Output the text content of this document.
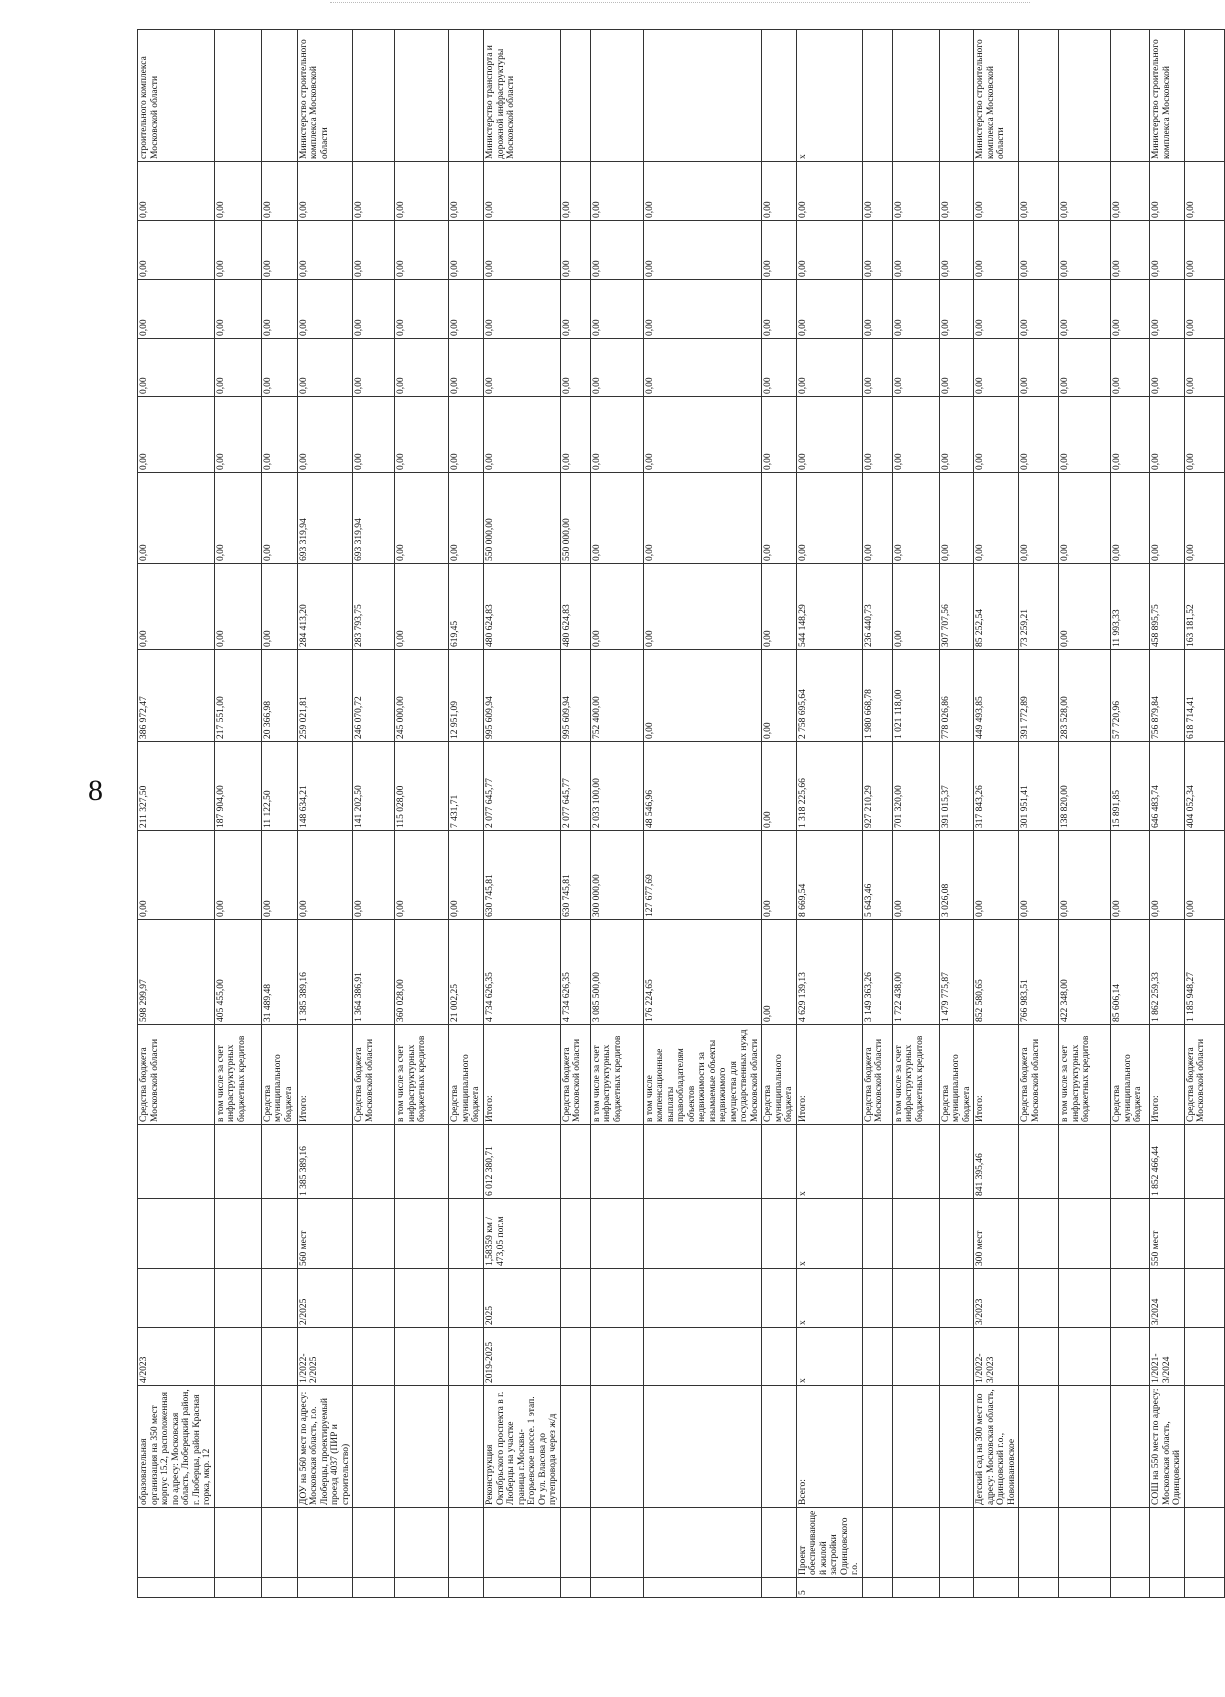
8
		образовательная организация на 350 мест корпус 15.2, расположенная по адресу: Московская область, Люберецкий район, г. Люберцы, район Красная горка, мкр. 12	4/2023				Средства бюджета Московской области	598 299,97	0,00	211 327,50	386 972,47	0,00	0,00	0,00	0,00	0,00	0,00	0,00	строительного комплекса Московской области
							в том числе за счет инфраструктурных бюджетных кредитов	405 455,00	0,00	187 904,00	217 551,00	0,00	0,00	0,00	0,00	0,00	0,00	0,00	
							Средства муниципального бюджета	31 489,48	0,00	11 122,50	20 366,98	0,00	0,00	0,00	0,00	0,00	0,00	0,00	
		ДОУ на 560 мест по адресу: Московская область, г.о. Люберцы, проектируемый проезд 4037 (ПИР и строительство)	1/2022-2/2025	2/2025	560 мест	1 385 389,16	Итого:	1 385 389,16	0,00	148 634,21	259 021,81	284 413,20	693 319,94	0,00	0,00	0,00	0,00	0,00	Министерство строительного комплекса Московской области
							Средства бюджета Московской области	1 364 386,91	0,00	141 202,50	246 070,72	283 793,75	693 319,94	0,00	0,00	0,00	0,00	0,00	
							в том числе за счет инфраструктурных бюджетных кредитов	360 028,00	0,00	115 028,00	245 000,00	0,00	0,00	0,00	0,00	0,00	0,00	0,00	
							Средства муниципального бюджета	21 002,25	0,00	7 431,71	12 951,09	619,45	0,00	0,00	0,00	0,00	0,00	0,00	
		Реконструкция Октябрьского проспекта в г. Люберцы на участке граница г.Москвы-Егорьевское шоссе. 1 этап. От ул. Власова до путепровода через ж/д	2019-2025	2025	1,58359 км / 473,05 пог.м	6 012 380,71	Итого:	4 734 626,35	630 745,81	2 077 645,77	995 609,94	480 624,83	550 000,00	0,00	0,00	0,00	0,00	0,00	Министерство транспорта и дорожной инфраструктуры Московской области
							Средства бюджета Московской области	4 734 626,35	630 745,81	2 077 645,77	995 609,94	480 624,83	550 000,00	0,00	0,00	0,00	0,00	0,00	
							в том числе за счет инфраструктурных бюджетных кредитов	3 085 500,00	300 000,00	2 033 100,00	752 400,00	0,00	0,00	0,00	0,00	0,00	0,00	0,00	
							в том числе компенсационные выплаты правообладателям объектов недвижимости за изымаемые объекты недвижимого имущества для государственных нужд Московской области	176 224,65	127 677,69	48 546,96	0,00	0,00	0,00	0,00	0,00	0,00	0,00	0,00	
							Средства муниципального бюджета	0,00	0,00	0,00	0,00	0,00	0,00	0,00	0,00	0,00	0,00	0,00	
5	Проект обеспечивающей жилой застройки Одинцовского г.о.	Всего:	х	х	х	х	Итого:	4 629 139,13	8 669,54	1 318 225,66	2 758 695,64	544 148,29	0,00	0,00	0,00	0,00	0,00	0,00	х
							Средства бюджета Московской области	3 149 363,26	5 643,46	927 210,29	1 980 668,78	236 440,73	0,00	0,00	0,00	0,00	0,00	0,00	
							в том числе за счет инфраструктурных бюджетных кредитов	1 722 438,00	0,00	701 320,00	1 021 118,00	0,00	0,00	0,00	0,00	0,00	0,00	0,00	
							Средства муниципального бюджета	1 479 775,87	3 026,08	391 015,37	778 026,86	307 707,56	0,00	0,00	0,00	0,00	0,00	0,00	
		Детский сад на 300 мест по адресу: Московская область, Одинцовский г.о., Новоивановское	1/2022-3/2023	3/2023	300 мест	841 395,46	Итого:	852 580,65	0,00	317 843,26	449 493,85	85 252,54	0,00	0,00	0,00	0,00	0,00	0,00	Министерство строительного комплекса Московской области
							Средства бюджета Московской области	766 983,51	0,00	301 951,41	391 772,89	73 259,21	0,00	0,00	0,00	0,00	0,00	0,00	
							в том числе за счет инфраструктурных бюджетных кредитов	422 348,00	0,00	138 820,00	283 528,00	0,00	0,00	0,00	0,00	0,00	0,00	0,00	
							Средства муниципального бюджета	85 606,14	0,00	15 891,85	57 720,96	11 993,33	0,00	0,00	0,00	0,00	0,00	0,00	
		СОШ на 550 мест по адресу: Московская область, Одинцовский	1/2021-3/2024	3/2024	550 мест	1 852 466,44	Итого:	1 862 259,33	0,00	646 483,74	756 879,84	458 895,75	0,00	0,00	0,00	0,00	0,00	0,00	Министерство строительного комплекса Московской
							Средства бюджета Московской области	1 185 948,27	0,00	404 052,34	618 714,41	163 181,52	0,00	0,00	0,00	0,00	0,00	0,00	
